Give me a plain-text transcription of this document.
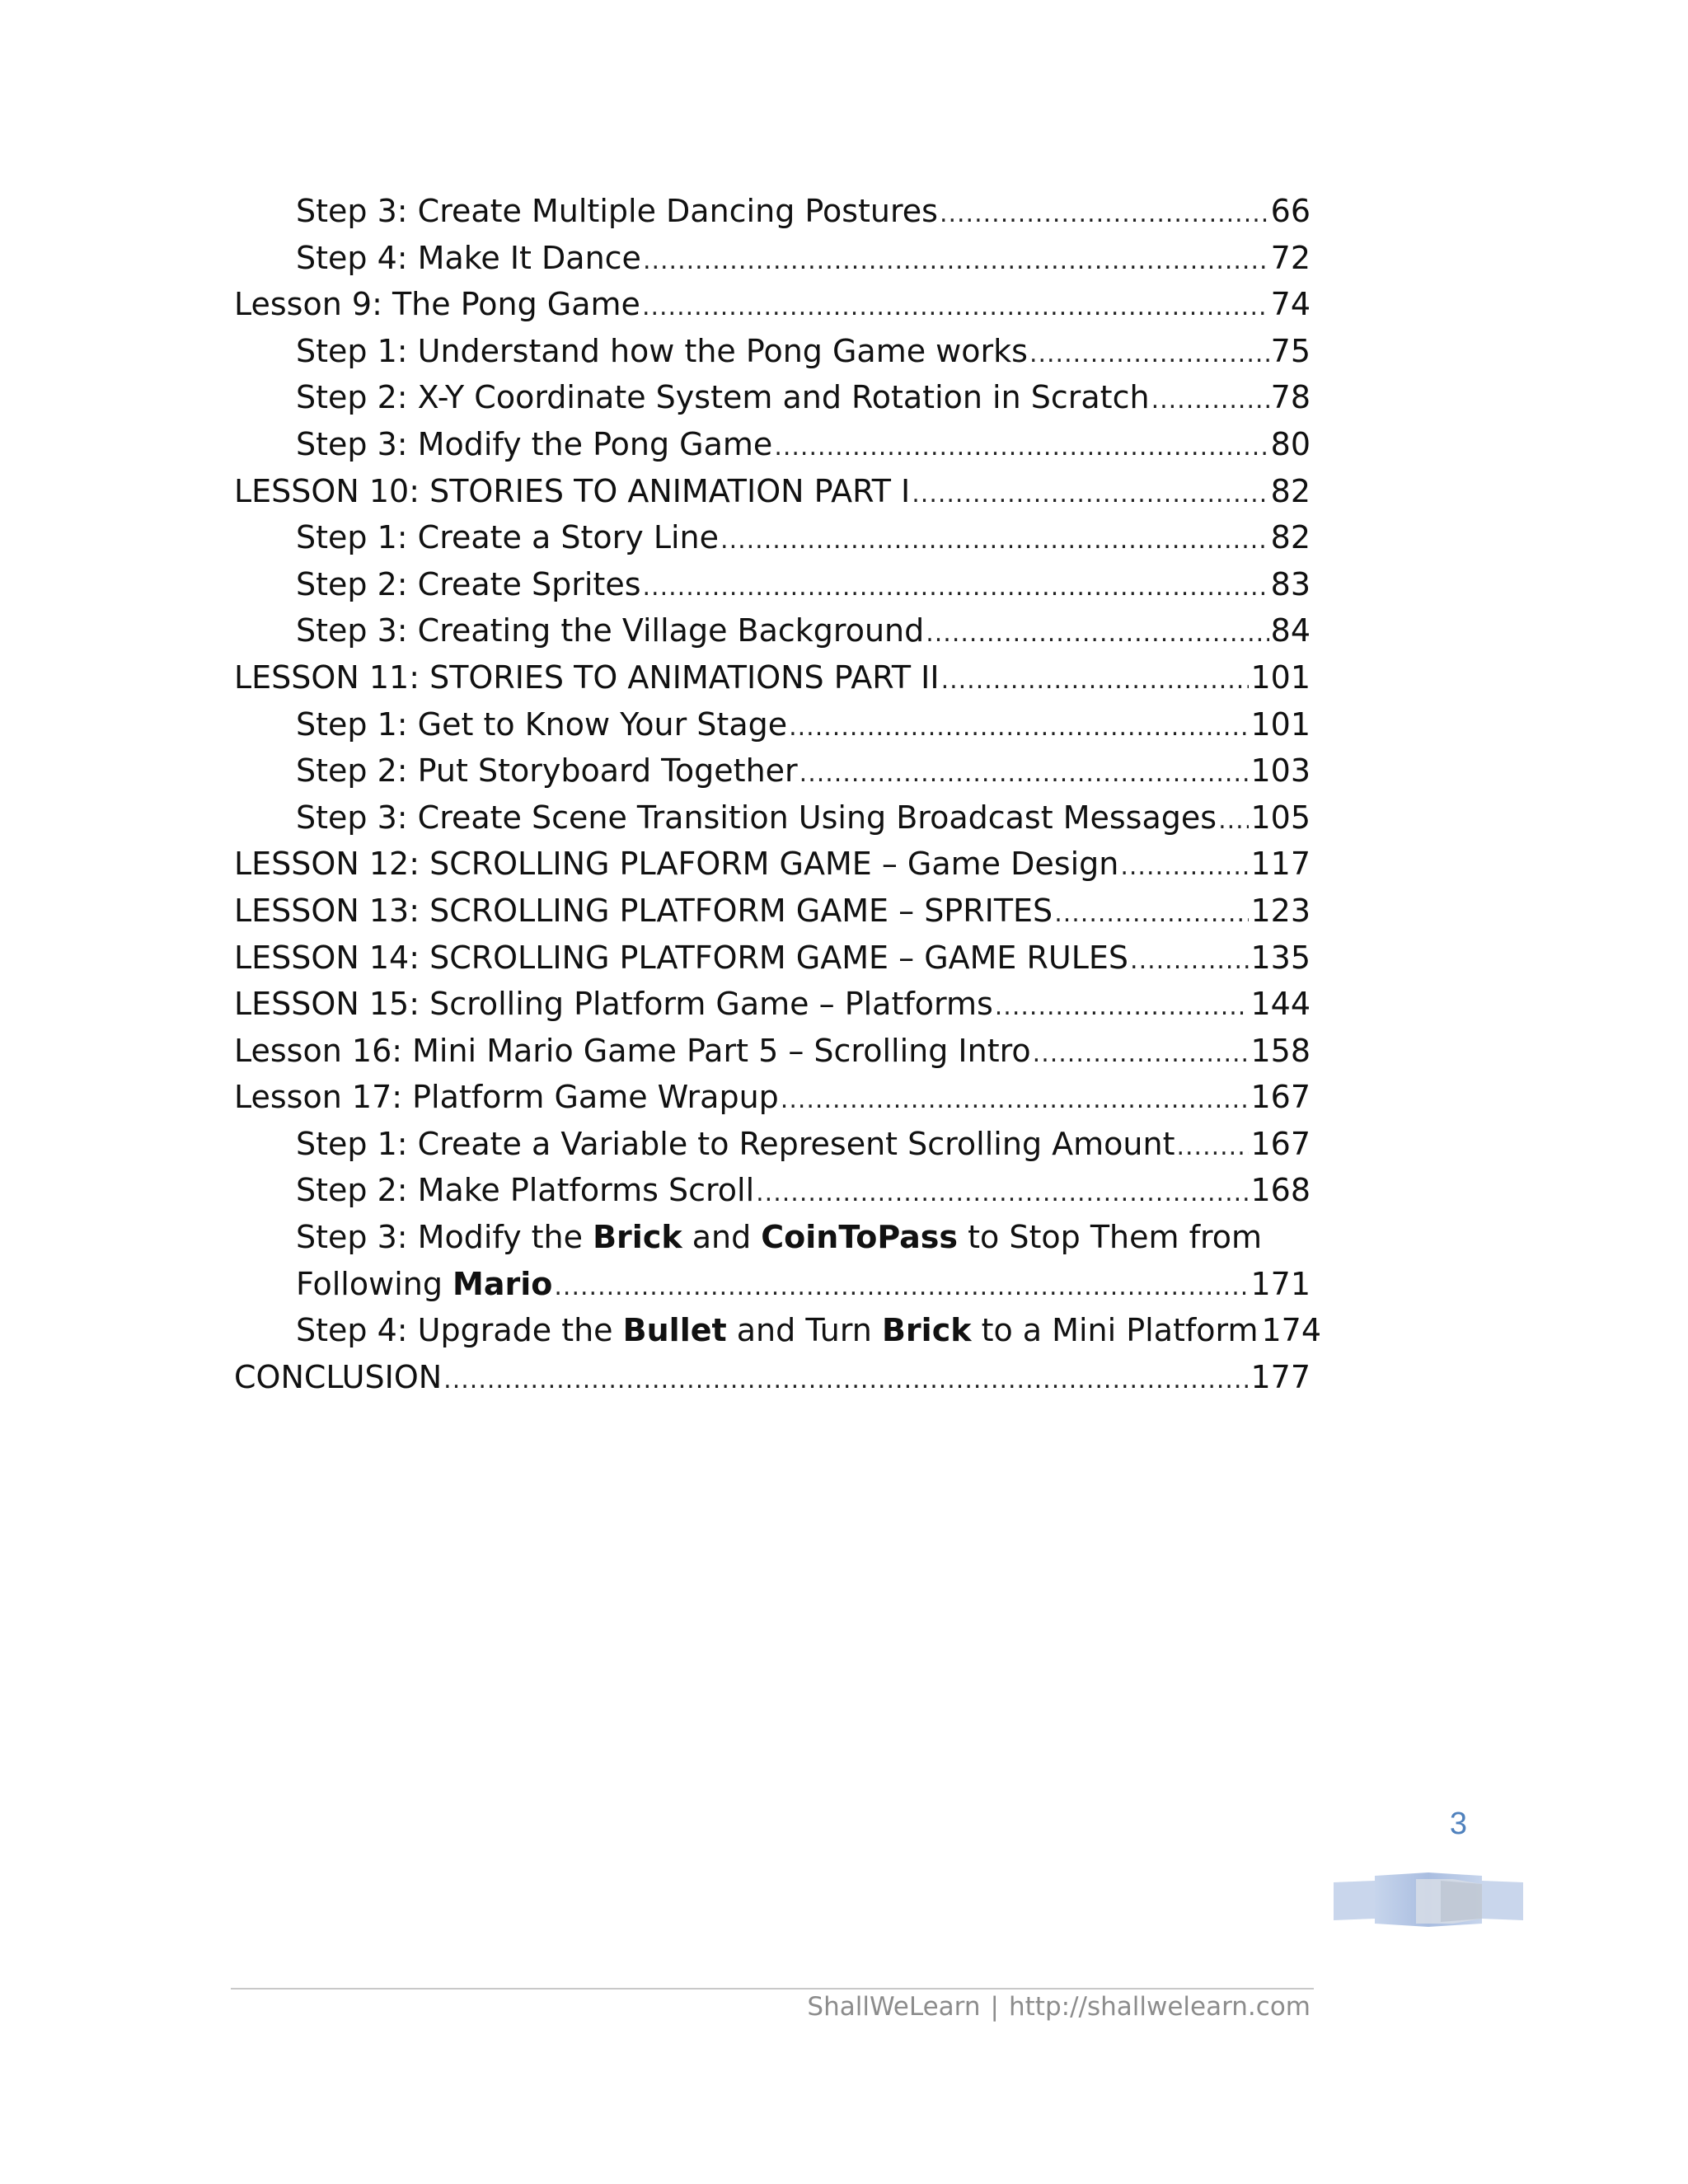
Step 3: Create Multiple Dancing Postures .....	66
Step 4: Make It Dance .....	72
Lesson 9: The Pong Game .....	74
Step 1: Understand how the Pong Game works .....	75
Step 2: X-Y Coordinate System and Rotation in Scratch .....	78
Step 3: Modify the Pong Game .....	80
LESSON 10: STORIES TO ANIMATION PART I .....	82
Step 1: Create a Story Line .....	82
Step 2: Create Sprites .....	83
Step 3: Creating the Village Background .....	84
LESSON 11: STORIES TO ANIMATIONS PART II .....	101
Step 1: Get to Know Your Stage .....	101
Step 2: Put Storyboard Together .....	103
Step 3: Create Scene Transition Using Broadcast Messages ..... 105
LESSON 12: SCROLLING PLAFORM GAME – Game Design .....	117
LESSON 13: SCROLLING PLATFORM GAME – SPRITES .....	123
LESSON 14: SCROLLING PLATFORM GAME – GAME RULES .....	135
LESSON 15: Scrolling Platform Game – Platforms .....	144
Lesson 16: Mini Mario Game Part 5 – Scrolling Intro .....	158
Lesson 17: Platform Game Wrapup .....	167
Step 1: Create a Variable to Represent Scrolling Amount ..... 167
Step 2: Make Platforms Scroll .....	168
Step 3: Modify the Brick and CoinToPass to Stop Them from
Following Mario .....	171
Step 4: Upgrade the Bullet and Turn Brick to a Mini Platform 174
CONCLUSION .....	177
3
ShallWeLearn | http://shallwelearn.com
